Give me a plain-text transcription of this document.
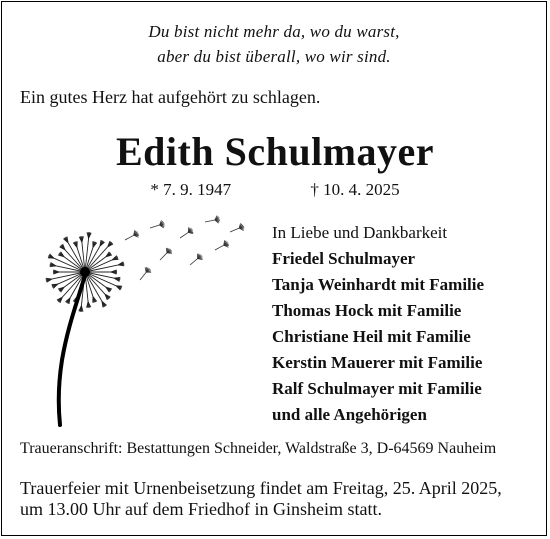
Du bist nicht mehr da, wo du warst,
aber du bist überall, wo wir sind.
Ein gutes Herz hat aufgehört zu schlagen.
Edith Schulmayer
* 7. 9. 1947	† 10. 4. 2025
In Liebe und Dankbarkeit
Friedel Schulmayer
Tanja Weinhardt mit Familie
Thomas Hock mit Familie
Christiane Heil mit Familie
Kerstin Mauerer mit Familie
Ralf Schulmayer mit Familie
und alle Angehörigen
Traueranschrift: Bestattungen Schneider, Waldstraße 3, D-64569 Nauheim
Trauerfeier mit Urnenbeisetzung findet am Freitag, 25. April 2025,
um 13.00 Uhr auf dem Friedhof in Ginsheim statt.
